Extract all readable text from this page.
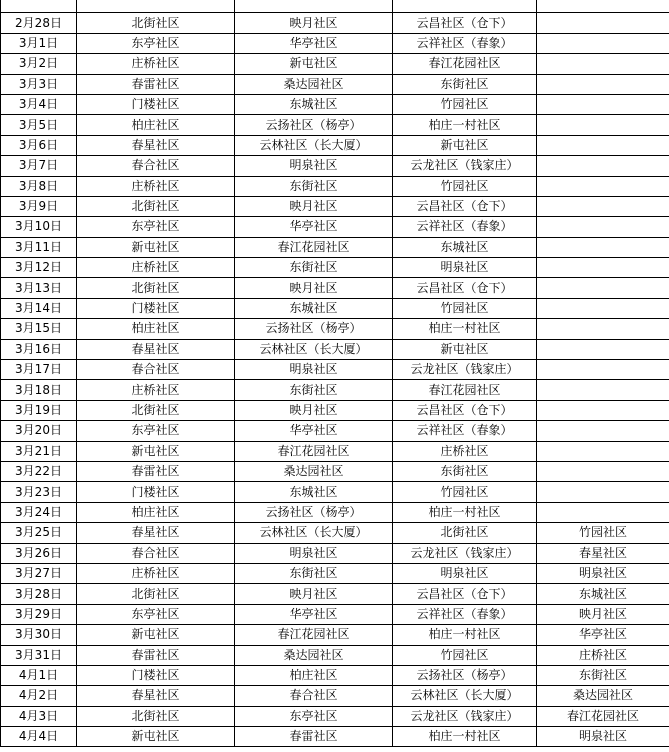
2月28日	北街社区	映月社区	云昌社区（仓下）	
3月1日	东亭社区	华亭社区	云祥社区（春象）	
3月2日	庄桥社区	新屯社区	春江花园社区	
3月3日	春雷社区	桑达园社区	东街社区	
3月4日	门楼社区	东城社区	竹园社区	
3月5日	柏庄社区	云扬社区（杨亭）	柏庄一村社区	
3月6日	春星社区	云林社区（长大厦）	新屯社区	
3月7日	春合社区	明泉社区	云龙社区（钱家庄）	
3月8日	庄桥社区	东街社区	竹园社区	
3月9日	北街社区	映月社区	云昌社区（仓下）	
3月10日	东亭社区	华亭社区	云祥社区（春象）	
3月11日	新屯社区	春江花园社区	东城社区	
3月12日	庄桥社区	东街社区	明泉社区	
3月13日	北街社区	映月社区	云昌社区（仓下）	
3月14日	门楼社区	东城社区	竹园社区	
3月15日	柏庄社区	云扬社区（杨亭）	柏庄一村社区	
3月16日	春星社区	云林社区（长大厦）	新屯社区	
3月17日	春合社区	明泉社区	云龙社区（钱家庄）	
3月18日	庄桥社区	东街社区	春江花园社区	
3月19日	北街社区	映月社区	云昌社区（仓下）	
3月20日	东亭社区	华亭社区	云祥社区（春象）	
3月21日	新屯社区	春江花园社区	庄桥社区	
3月22日	春雷社区	桑达园社区	东街社区	
3月23日	门楼社区	东城社区	竹园社区	
3月24日	柏庄社区	云扬社区（杨亭）	柏庄一村社区	
3月25日	春星社区	云林社区（长大厦）	北街社区	竹园社区
3月26日	春合社区	明泉社区	云龙社区（钱家庄）	春星社区
3月27日	庄桥社区	东街社区	明泉社区	明泉社区
3月28日	北街社区	映月社区	云昌社区（仓下）	东城社区
3月29日	东亭社区	华亭社区	云祥社区（春象）	映月社区
3月30日	新屯社区	春江花园社区	柏庄一村社区	华亭社区
3月31日	春雷社区	桑达园社区	竹园社区	庄桥社区
4月1日	门楼社区	柏庄社区	云扬社区（杨亭）	东街社区
4月2日	春星社区	春合社区	云林社区（长大厦）	桑达园社区
4月3日	北街社区	东亭社区	云龙社区（钱家庄）	春江花园社区
4月4日	新屯社区	春雷社区	柏庄一村社区	明泉社区
